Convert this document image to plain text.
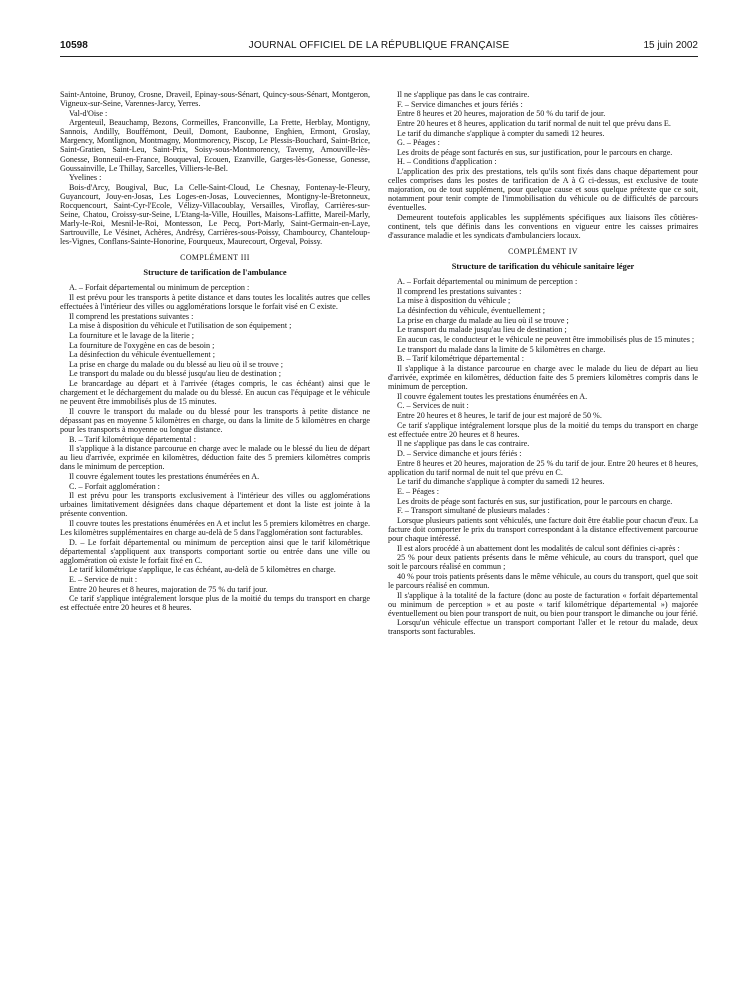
10598	JOURNAL OFFICIEL DE LA RÉPUBLIQUE FRANÇAISE	15 juin 2002

Saint-Antoine, Brunoy, Crosne, Draveil, Epinay-sous-Sénart, Quincy-sous-Sénart, Montgeron, Vigneux-sur-Seine, Varennes-Jarcy, Yerres.

Val-d'Oise :

Argenteuil, Beauchamp, Bezons, Cormeilles, Franconville, La Frette, Herblay, Montigny, Sannois, Andilly, Bouffémont, Deuil, Domont, Eaubonne, Enghien, Ermont, Groslay, Margency, Montlignon, Montmagny, Montmorency, Piscop, Le Plessis-Bouchard, Saint-Brice, Saint-Gratien, Saint-Leu, Saint-Prix, Soisy-sous-Montmorency, Taverny, Arnouville-lès-Gonesse, Bonneuil-en-France, Bouqueval, Ecouen, Ezanville, Garges-lès-Gonesse, Gonesse, Goussainville, Le Thillay, Sarcelles, Villiers-le-Bel.

Yvelines :

Bois-d'Arcy, Bougival, Buc, La Celle-Saint-Cloud, Le Chesnay, Fontenay-le-Fleury, Guyancourt, Jouy-en-Josas, Les Loges-en-Josas, Louveciennes, Montigny-le-Bretonneux, Rocquencourt, Saint-Cyr-l'Ecole, Vélizy-Villacoublay, Versailles, Viroflay, Carrières-sur-Seine, Chatou, Croissy-sur-Seine, L'Etang-la-Ville, Houilles, Maisons-Laffitte, Mareil-Marly, Marly-le-Roi, Mesnil-le-Roi, Montesson, Le Pecq, Port-Marly, Saint-Germain-en-Laye, Sartrouville, Le Vésinet, Achères, Andrésy, Carrières-sous-Poissy, Chambourcy, Chanteloup-les-Vignes, Conflans-Sainte-Honorine, Fourqueux, Maurecourt, Orgeval, Poissy.

COMPLÉMENT III

Structure de tarification de l'ambulance

A. – Forfait départemental ou minimum de perception :

Il est prévu pour les transports à petite distance et dans toutes les localités autres que celles effectuées à l'intérieur des villes ou agglomérations lorsque le forfait visé en C existe.

Il comprend les prestations suivantes :

La mise à disposition du véhicule et l'utilisation de son équipement ;

La fourniture et le lavage de la literie ;

La fourniture de l'oxygène en cas de besoin ;

La désinfection du véhicule éventuellement ;

La prise en charge du malade ou du blessé au lieu où il se trouve ;

Le transport du malade ou du blessé jusqu'au lieu de destination ;

Le brancardage au départ et à l'arrivée (étages compris, le cas échéant) ainsi que le chargement et le déchargement du malade ou du blessé. En aucun cas l'équipage et le véhicule ne peuvent être immobilisés plus de 15 minutes.

Il couvre le transport du malade ou du blessé pour les transports à petite distance ne dépassant pas en moyenne 5 kilomètres en charge, ou dans la limite de 5 kilomètres en charge pour les transports à moyenne ou longue distance.

B. – Tarif kilométrique départemental :

Il s'applique à la distance parcourue en charge avec le malade ou le blessé du lieu de départ au lieu d'arrivée, exprimée en kilomètres, déduction faite des 5 premiers kilomètres compris dans le minimum de perception.

Il couvre également toutes les prestations énumérées en A.

C. – Forfait agglomération :

Il est prévu pour les transports exclusivement à l'intérieur des villes ou agglomérations urbaines limitativement désignées dans chaque département et dont la liste est jointe à la présente convention.

Il couvre toutes les prestations énumérées en A et inclut les 5 premiers kilomètres en charge. Les kilomètres supplémentaires en charge au-delà de 5 dans l'agglomération sont facturables.

D. – Le forfait départemental ou minimum de perception ainsi que le tarif kilométrique départemental s'appliquent aux transports comportant sortie ou entrée dans une ville ou agglomération où existe le forfait fixé en C.

Le tarif kilométrique s'applique, le cas échéant, au-delà de 5 kilomètres en charge.

E. – Service de nuit :

Entre 20 heures et 8 heures, majoration de 75 % du tarif jour.

Ce tarif s'applique intégralement lorsque plus de la moitié du temps du transport en charge est effectuée entre 20 heures et 8 heures.

Il ne s'applique pas dans le cas contraire.

F. – Service dimanches et jours fériés :

Entre 8 heures et 20 heures, majoration de 50 % du tarif de jour.

Entre 20 heures et 8 heures, application du tarif normal de nuit tel que prévu dans E.

Le tarif du dimanche s'applique à compter du samedi 12 heures.

G. – Péages :

Les droits de péage sont facturés en sus, sur justification, pour le parcours en charge.

H. – Conditions d'application :

L'application des prix des prestations, tels qu'ils sont fixés dans chaque département pour celles comprises dans les postes de tarification de A à G ci-dessus, est exclusive de toute majoration, ou de tout supplément, pour quelque cause et sous quelque prétexte que ce soit, notamment pour tenir compte de l'immobilisation du véhicule ou de difficultés de parcours éventuelles.

Demeurent toutefois applicables les suppléments spécifiques aux liaisons îles côtières-continent, tels que définis dans les conventions en vigueur entre les caisses primaires d'assurance maladie et les syndicats d'ambulanciers locaux.

COMPLÉMENT IV

Structure de tarification du véhicule sanitaire léger

A. – Forfait départemental ou minimum de perception :

Il comprend les prestations suivantes :

La mise à disposition du véhicule ;

La désinfection du véhicule, éventuellement ;

La prise en charge du malade au lieu où il se trouve ;

Le transport du malade jusqu'au lieu de destination ;

En aucun cas, le conducteur et le véhicule ne peuvent être immobilisés plus de 15 minutes ;

Le transport du malade dans la limite de 5 kilomètres en charge.

B. – Tarif kilométrique départemental :

Il s'applique à la distance parcourue en charge avec le malade du lieu de départ au lieu d'arrivée, exprimée en kilomètres, déduction faite des 5 premiers kilomètres compris dans le minimum de perception.

Il couvre également toutes les prestations énumérées en A.

C. – Services de nuit :

Entre 20 heures et 8 heures, le tarif de jour est majoré de 50 %.

Ce tarif s'applique intégralement lorsque plus de la moitié du temps du transport en charge est effectuée entre 20 heures et 8 heures.

Il ne s'applique pas dans le cas contraire.

D. – Service dimanche et jours fériés :

Entre 8 heures et 20 heures, majoration de 25 % du tarif de jour. Entre 20 heures et 8 heures, application du tarif normal de nuit tel que prévu en C.

Le tarif du dimanche s'applique à compter du samedi 12 heures.

E. – Péages :

Les droits de péage sont facturés en sus, sur justification, pour le parcours en charge.

F. – Transport simultané de plusieurs malades :

Lorsque plusieurs patients sont véhiculés, une facture doit être établie pour chacun d'eux. La facture doit comporter le prix du transport correspondant à la distance effectivement parcourue pour chaque intéressé.

Il est alors procédé à un abattement dont les modalités de calcul sont définies ci-après :

25 % pour deux patients présents dans le même véhicule, au cours du transport, quel que soit le parcours réalisé en commun ;

40 % pour trois patients présents dans le même véhicule, au cours du transport, quel que soit le parcours réalisé en commun.

Il s'applique à la totalité de la facture (donc au poste de facturation « forfait départemental ou minimum de perception » et au poste « tarif kilométrique départemental ») majorée éventuellement ou bien pour transport de nuit, ou bien pour transport le dimanche ou jour férié.

Lorsqu'un véhicule effectue un transport comportant l'aller et le retour du malade, deux transports sont facturables.
